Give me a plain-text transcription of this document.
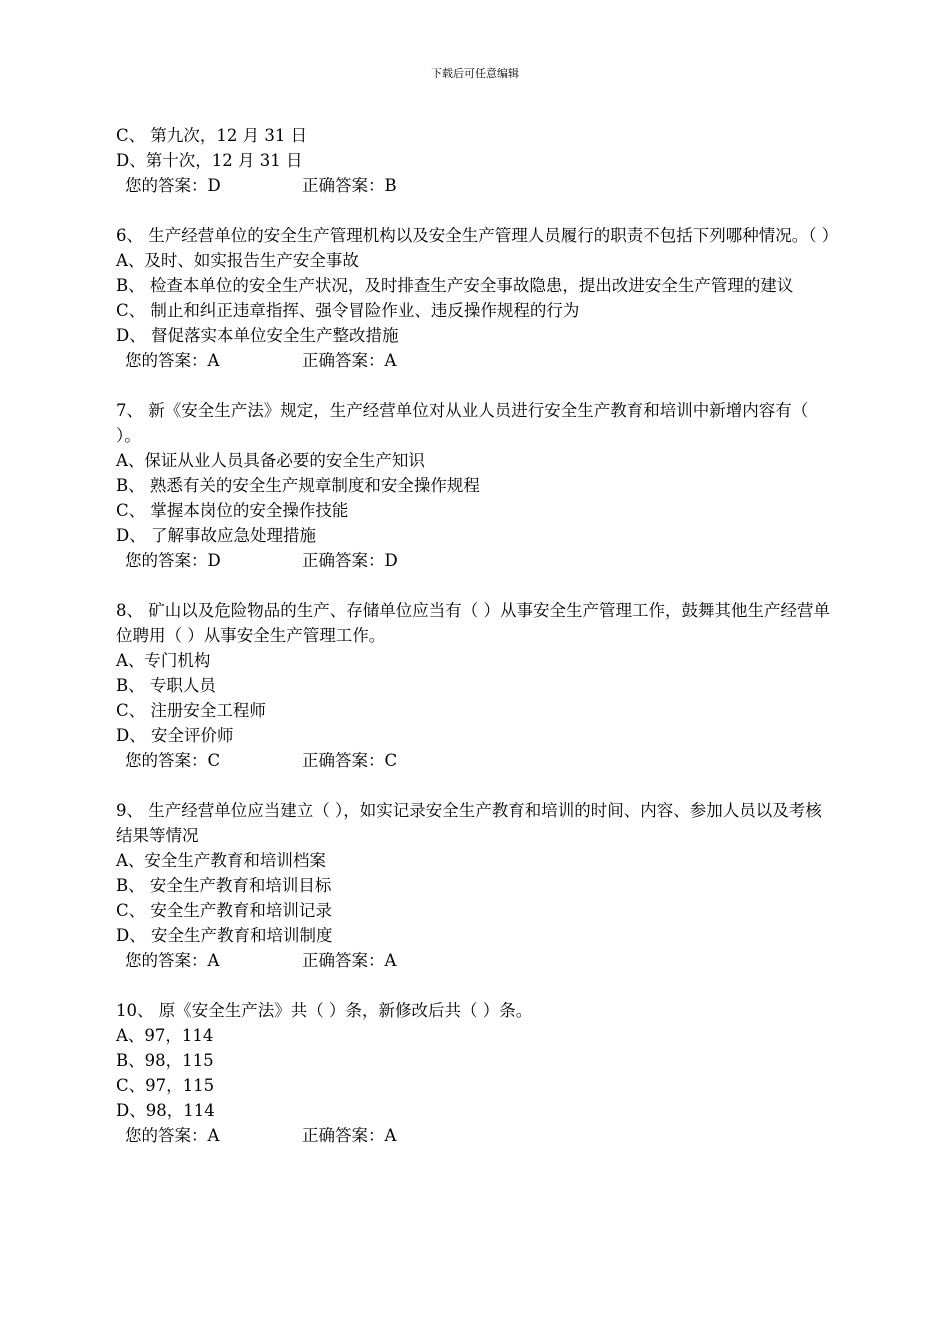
下载后可任意编辑
C、 第九次，12 月 31 日
D、第十次，12 月 31 日
您的答案：D	正确答案：B
6、 生产经营单位的安全生产管理机构以及安全生产管理人员履行的职责不包括下列哪种情况。（ ）
A、及时、如实报告生产安全事故
B、 检查本单位的安全生产状况，及时排查生产安全事故隐患，提出改进安全生产管理的建议
C、 制止和纠正违章指挥、强令冒险作业、违反操作规程的行为
D、 督促落实本单位安全生产整改措施
您的答案：A	正确答案：A
7、 新《安全生产法》规定，生产经营单位对从业人员进行安全生产教育和培训中新增内容有（ ）。
A、保证从业人员具备必要的安全生产知识
B、 熟悉有关的安全生产规章制度和安全操作规程
C、 掌握本岗位的安全操作技能
D、 了解事故应急处理措施
您的答案：D	正确答案：D
8、 矿山以及危险物品的生产、存储单位应当有（ ）从事安全生产管理工作，鼓舞其他生产经营单位聘用（ ）从事安全生产管理工作。
A、专门机构
B、 专职人员
C、 注册安全工程师
D、 安全评价师
您的答案：C	正确答案：C
9、 生产经营单位应当建立（ ），如实记录安全生产教育和培训的时间、内容、参加人员以及考核结果等情况
A、安全生产教育和培训档案
B、 安全生产教育和培训目标
C、 安全生产教育和培训记录
D、 安全生产教育和培训制度
您的答案：A	正确答案：A
10、 原《安全生产法》共（ ）条，新修改后共（ ）条。
A、97，114
B、98，115
C、97，115
D、98，114
您的答案：A	正确答案：A
